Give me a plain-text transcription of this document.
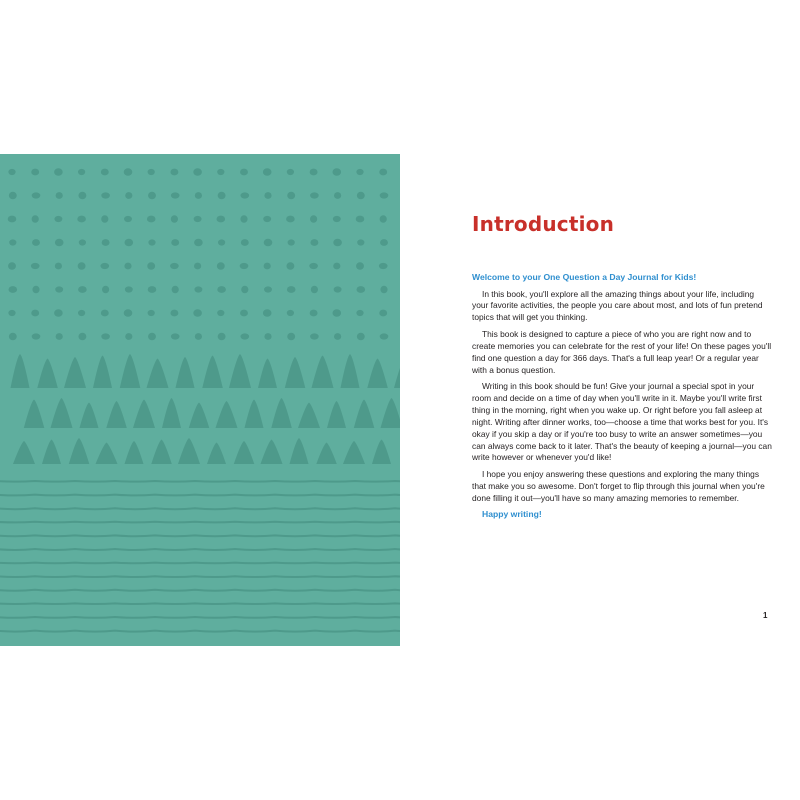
Introduction

Welcome to your One Question a Day Journal for Kids!

In this book, you'll explore all the amazing things about your life, including your favorite activities, the people you care about most, and lots of fun pretend topics that will get you thinking.

This book is designed to capture a piece of who you are right now and to create memories you can celebrate for the rest of your life! On these pages you'll find one question a day for 366 days. That's a full leap year! Or a regular year with a bonus question.

Writing in this book should be fun! Give your journal a special spot in your room and decide on a time of day when you'll write in it. Maybe you'll write first thing in the morning, right when you wake up. Or right before you fall asleep at night. Writing after dinner works, too—choose a time that works best for you. It's okay if you skip a day or if you're too busy to write an answer sometimes—you can always come back to it later. That's the beauty of keeping a journal—you can write however or whenever you'd like!

I hope you enjoy answering these questions and exploring the many things that make you so awesome. Don't forget to flip through this journal when you're done filling it out—you'll have so many amazing memories to remember.

Happy writing!

1
